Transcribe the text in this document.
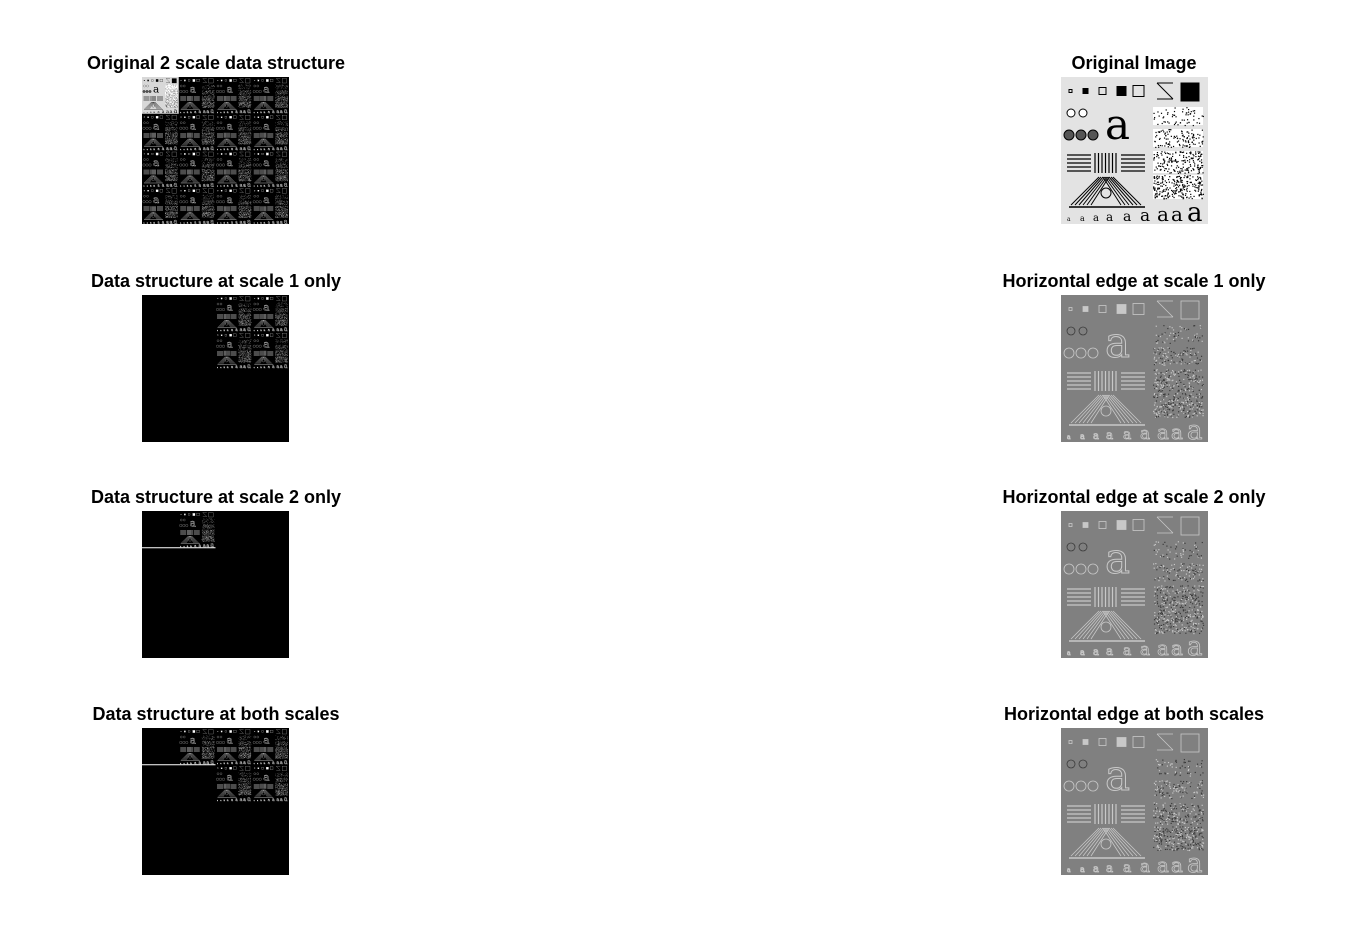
Original 2 scale data structure
a
a a a a a a a a a
a
a a a a a a a a a
a
a a a a a a a a a
a
a a a a a a a a a
a
a a a a a a a a a
a
a a a a a a a a a
a
a a a a a a a a a
a
a a a a a a a a a
a
a a a a a a a a a
a
a a a a a a a a a
a
a a a a a a a a a
a
a a a a a a a a a
a
a a a a a a a a a
a
a a a a a a a a a
a
a a a a a a a a a
a
a a a a a a a a a
Original Image
a
a a a a a a a a a
Data structure at scale 1 only
a
a a a a a a a a a
a
a a a a a a a a a
a
a a a a a a a a a
a
a a a a a a a a a
Horizontal edge at scale 1 only
a
a a a a a a a a a
Data structure at scale 2 only
a
a a a a a a a a
Horizontal edge at scale 2 only
a
a a a a a a a a a
Data structure at both scales
a
a a a a a a a a
a
a a a a a a a a a
a
a a a a a a a a a
a
a a a a a a a a a
a
a a a a a a a a a
Horizontal edge at both scales
a
a a a a a a a a a
